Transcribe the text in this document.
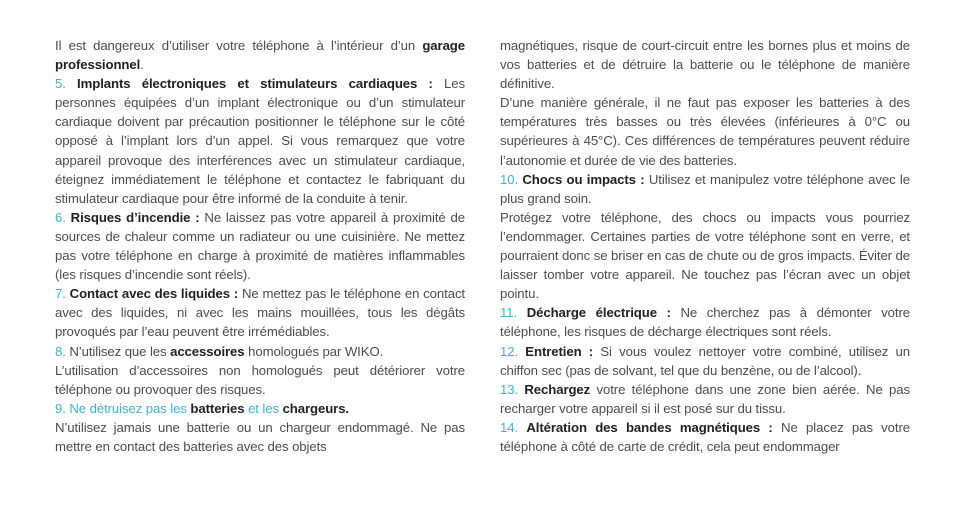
Il est dangereux d’utiliser votre téléphone à l’intérieur d’un garage professionnel.

5. Implants électroniques et stimulateurs cardiaques : Les personnes équipées d’un implant électronique ou d’un stimulateur cardiaque doivent par précaution positionner le téléphone sur le côté opposé à l’implant lors d’un appel. Si vous remarquez que votre appareil provoque des interférences avec un stimulateur cardiaque, éteignez immédiatement le téléphone et contactez le fabriquant du stimulateur cardiaque pour être informé de la conduite à tenir.

6. Risques d’incendie : Ne laissez pas votre appareil à proximité de sources de chaleur comme un radiateur ou une cuisinière. Ne mettez pas votre téléphone en charge à proximité de matières inflammables (les risques d’incendie sont réels).

7. Contact avec des liquides : Ne mettez pas le téléphone en contact avec des liquides, ni avec les mains mouillées, tous les dégâts provoqués par l’eau peuvent être irrémédiables.

8. N’utilisez que les accessoires homologués par WIKO.

L’utilisation d’accessoires non homologués peut détériorer votre téléphone ou provoquer des risques.

9. Ne détruisez pas les batteries et les chargeurs.

N’utilisez jamais une batterie ou un chargeur endommagé. Ne pas mettre en contact des batteries avec des objets

magnétiques, risque de court-circuit entre les bornes plus et moins de vos batteries et de détruire la batterie ou le téléphone de manière définitive.

D’une manière générale, il ne faut pas exposer les batteries à des températures très basses ou très élevées (inférieures à 0°C ou supérieures à 45°C). Ces différences de températures peuvent réduire l’autonomie et durée de vie des batteries.

10. Chocs ou impacts : Utilisez et manipulez votre téléphone avec le plus grand soin.

Protégez votre téléphone, des chocs ou impacts vous pourriez l’endommager. Certaines parties de votre téléphone sont en verre, et pourraient donc se briser en cas de chute ou de gros impacts. Éviter de laisser tomber votre appareil. Ne touchez pas l’écran avec un objet pointu.

11. Décharge électrique : Ne cherchez pas à démonter votre téléphone, les risques de décharge électriques sont réels.

12. Entretien : Si vous voulez nettoyer votre combiné, utilisez un chiffon sec (pas de solvant, tel que du benzène, ou de l’alcool).

13. Rechargez votre téléphone dans une zone bien aérée. Ne pas recharger votre appareil si il est posé sur du tissu.

14. Altération des bandes magnétiques : Ne placez pas votre téléphone à côté de carte de crédit, cela peut endommager
